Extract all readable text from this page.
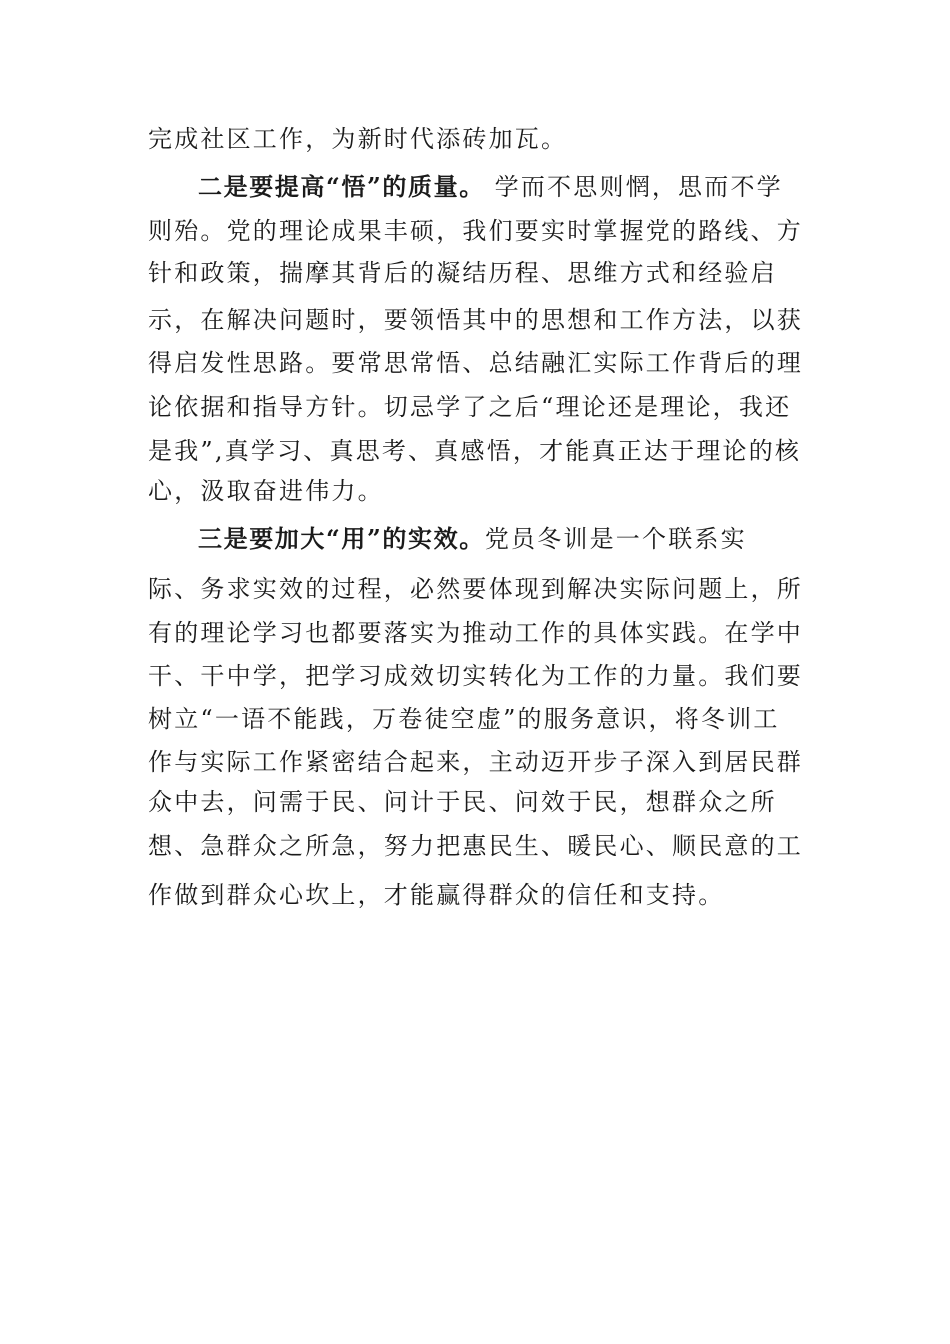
完成社区工作，为新时代添砖加瓦。
二是要提高“悟”的质量。 学而不思则惘，思而不学
则殆。党的理论成果丰硕，我们要实时掌握党的路线、方
针和政策，揣摩其背后的凝结历程、思维方式和经验启
示，在解决问题时，要领悟其中的思想和工作方法，以获
得启发性思路。要常思常悟、总结融汇实际工作背后的理
论依据和指导方针。切忌学了之后“理论还是理论，我还
是我”,真学习、真思考、真感悟，才能真正达于理论的核
心，汲取奋进伟力。
三是要加大“用”的实效。党员冬训是一个联系实
际、务求实效的过程，必然要体现到解决实际问题上，所
有的理论学习也都要落实为推动工作的具体实践。在学中
干、干中学，把学习成效切实转化为工作的力量。我们要
树立“一语不能践，万卷徒空虚”的服务意识，将冬训工
作与实际工作紧密结合起来，主动迈开步子深入到居民群
众中去，问需于民、问计于民、问效于民，想群众之所
想、急群众之所急，努力把惠民生、暖民心、顺民意的工
作做到群众心坎上，才能赢得群众的信任和支持。
